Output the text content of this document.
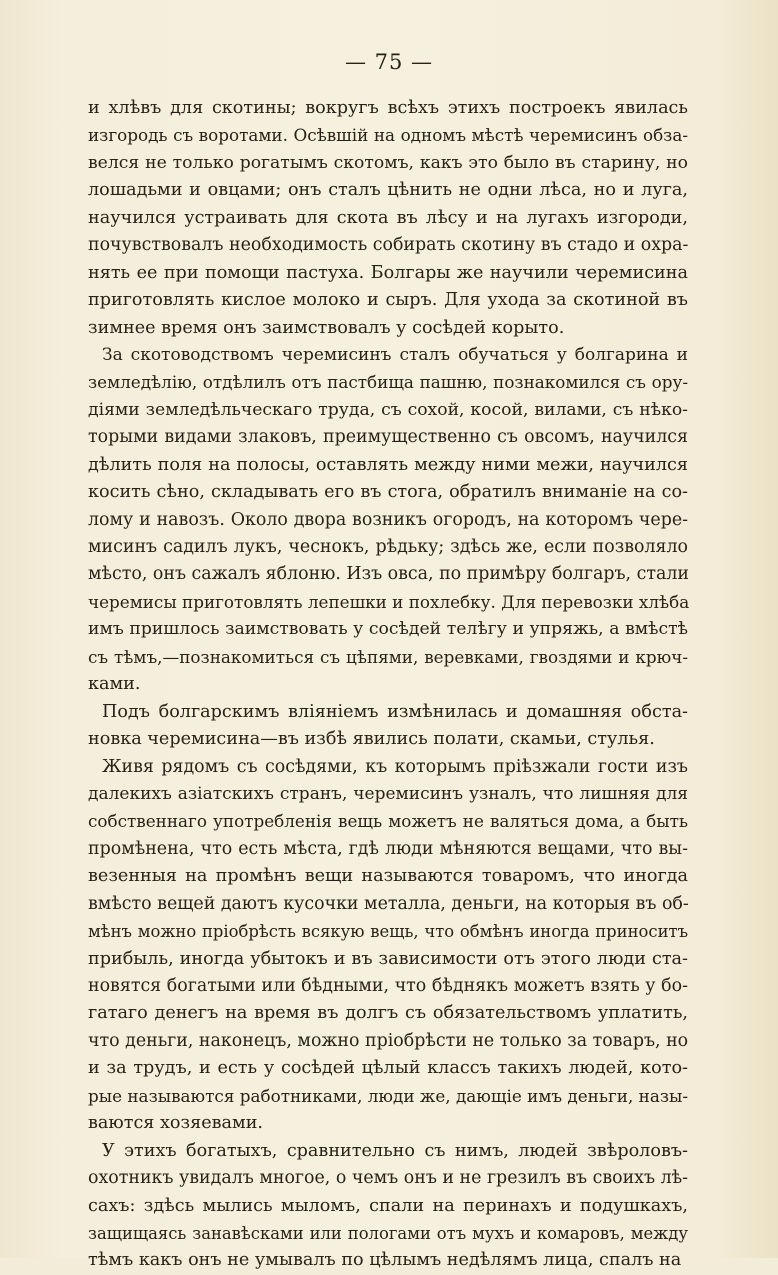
— 75 —
и хлѣвъ для скотины; вокругъ всѣхъ этихъ построекъ явилась
изгородь съ воротами. Осѣвшій на одномъ мѣстѣ черемисинъ обза-
велся не только рогатымъ скотомъ, какъ это было въ старину, но
лошадьми и овцами; онъ сталъ цѣнить не одни лѣса, но и луга,
научился устраивать для скота въ лѣсу и на лугахъ изгороди,
почувствовалъ необходимость собирать скотину въ стадо и охра-
нять ее при помощи пастуха. Болгары же научили черемисина
приготовлять кислое молоко и сыръ. Для ухода за скотиной въ
зимнее время онъ заимствовалъ у сосѣдей корыто.
За скотоводствомъ черемисинъ сталъ обучаться у болгарина и
земледѣлію, отдѣлилъ отъ пастбища пашню, познакомился съ ору-
діями земледѣльческаго труда, съ сохой, косой, вилами, съ нѣко-
торыми видами злаковъ, преимущественно съ овсомъ, научился
дѣлить поля на полосы, оставлять между ними межи, научился
косить сѣно, складывать его въ стога, обратилъ вниманіе на со-
лому и навозъ. Около двора возникъ огородъ, на которомъ чере-
мисинъ садилъ лукъ, чеснокъ, рѣдьку; здѣсь же, если позволяло
мѣсто, онъ сажалъ яблоню. Изъ овса, по примѣру болгаръ, стали
черемисы приготовлять лепешки и похлебку. Для перевозки хлѣба
имъ пришлось заимствовать у сосѣдей телѣгу и упряжь, а вмѣстѣ
съ тѣмъ,—познакомиться съ цѣпями, веревками, гвоздями и крюч-
ками.
Подъ болгарскимъ вліяніемъ измѣнилась и домашняя обста-
новка черемисина—въ избѣ явились полати, скамьи, стулья.
Живя рядомъ съ сосѣдями, къ которымъ пріѣзжали гости изъ
далекихъ азіатскихъ странъ, черемисинъ узналъ, что лишняя для
собственнаго употребленія вещь можетъ не валяться дома, а быть
промѣнена, что есть мѣста, гдѣ люди мѣняются вещами, что вы-
везенныя на промѣнъ вещи называются товаромъ, что иногда
вмѣсто вещей даютъ кусочки металла, деньги, на которыя въ об-
мѣнъ можно пріобрѣсть всякую вещь, что обмѣнъ иногда приноситъ
прибыль, иногда убытокъ и въ зависимости отъ этого люди ста-
новятся богатыми или бѣдными, что бѣднякъ можетъ взять у бо-
гатаго денегъ на время въ долгъ съ обязательствомъ уплатить,
что деньги, наконецъ, можно пріобрѣсти не только за товаръ, но
и за трудъ, и есть у сосѣдей цѣлый классъ такихъ людей, кото-
рые называются работниками, люди же, дающіе имъ деньги, назы-
ваются хозяевами.
У этихъ богатыхъ, сравнительно съ нимъ, людей звѣроловъ-
охотникъ увидалъ многое, о чемъ онъ и не грезилъ въ своихъ лѣ-
сахъ: здѣсь мылись мыломъ, спали на перинахъ и подушкахъ,
защищаясь занавѣсками или пологами отъ мухъ и комаровъ, между
тѣмъ какъ онъ не умывалъ по цѣлымъ недѣлямъ лица, спалъ на
